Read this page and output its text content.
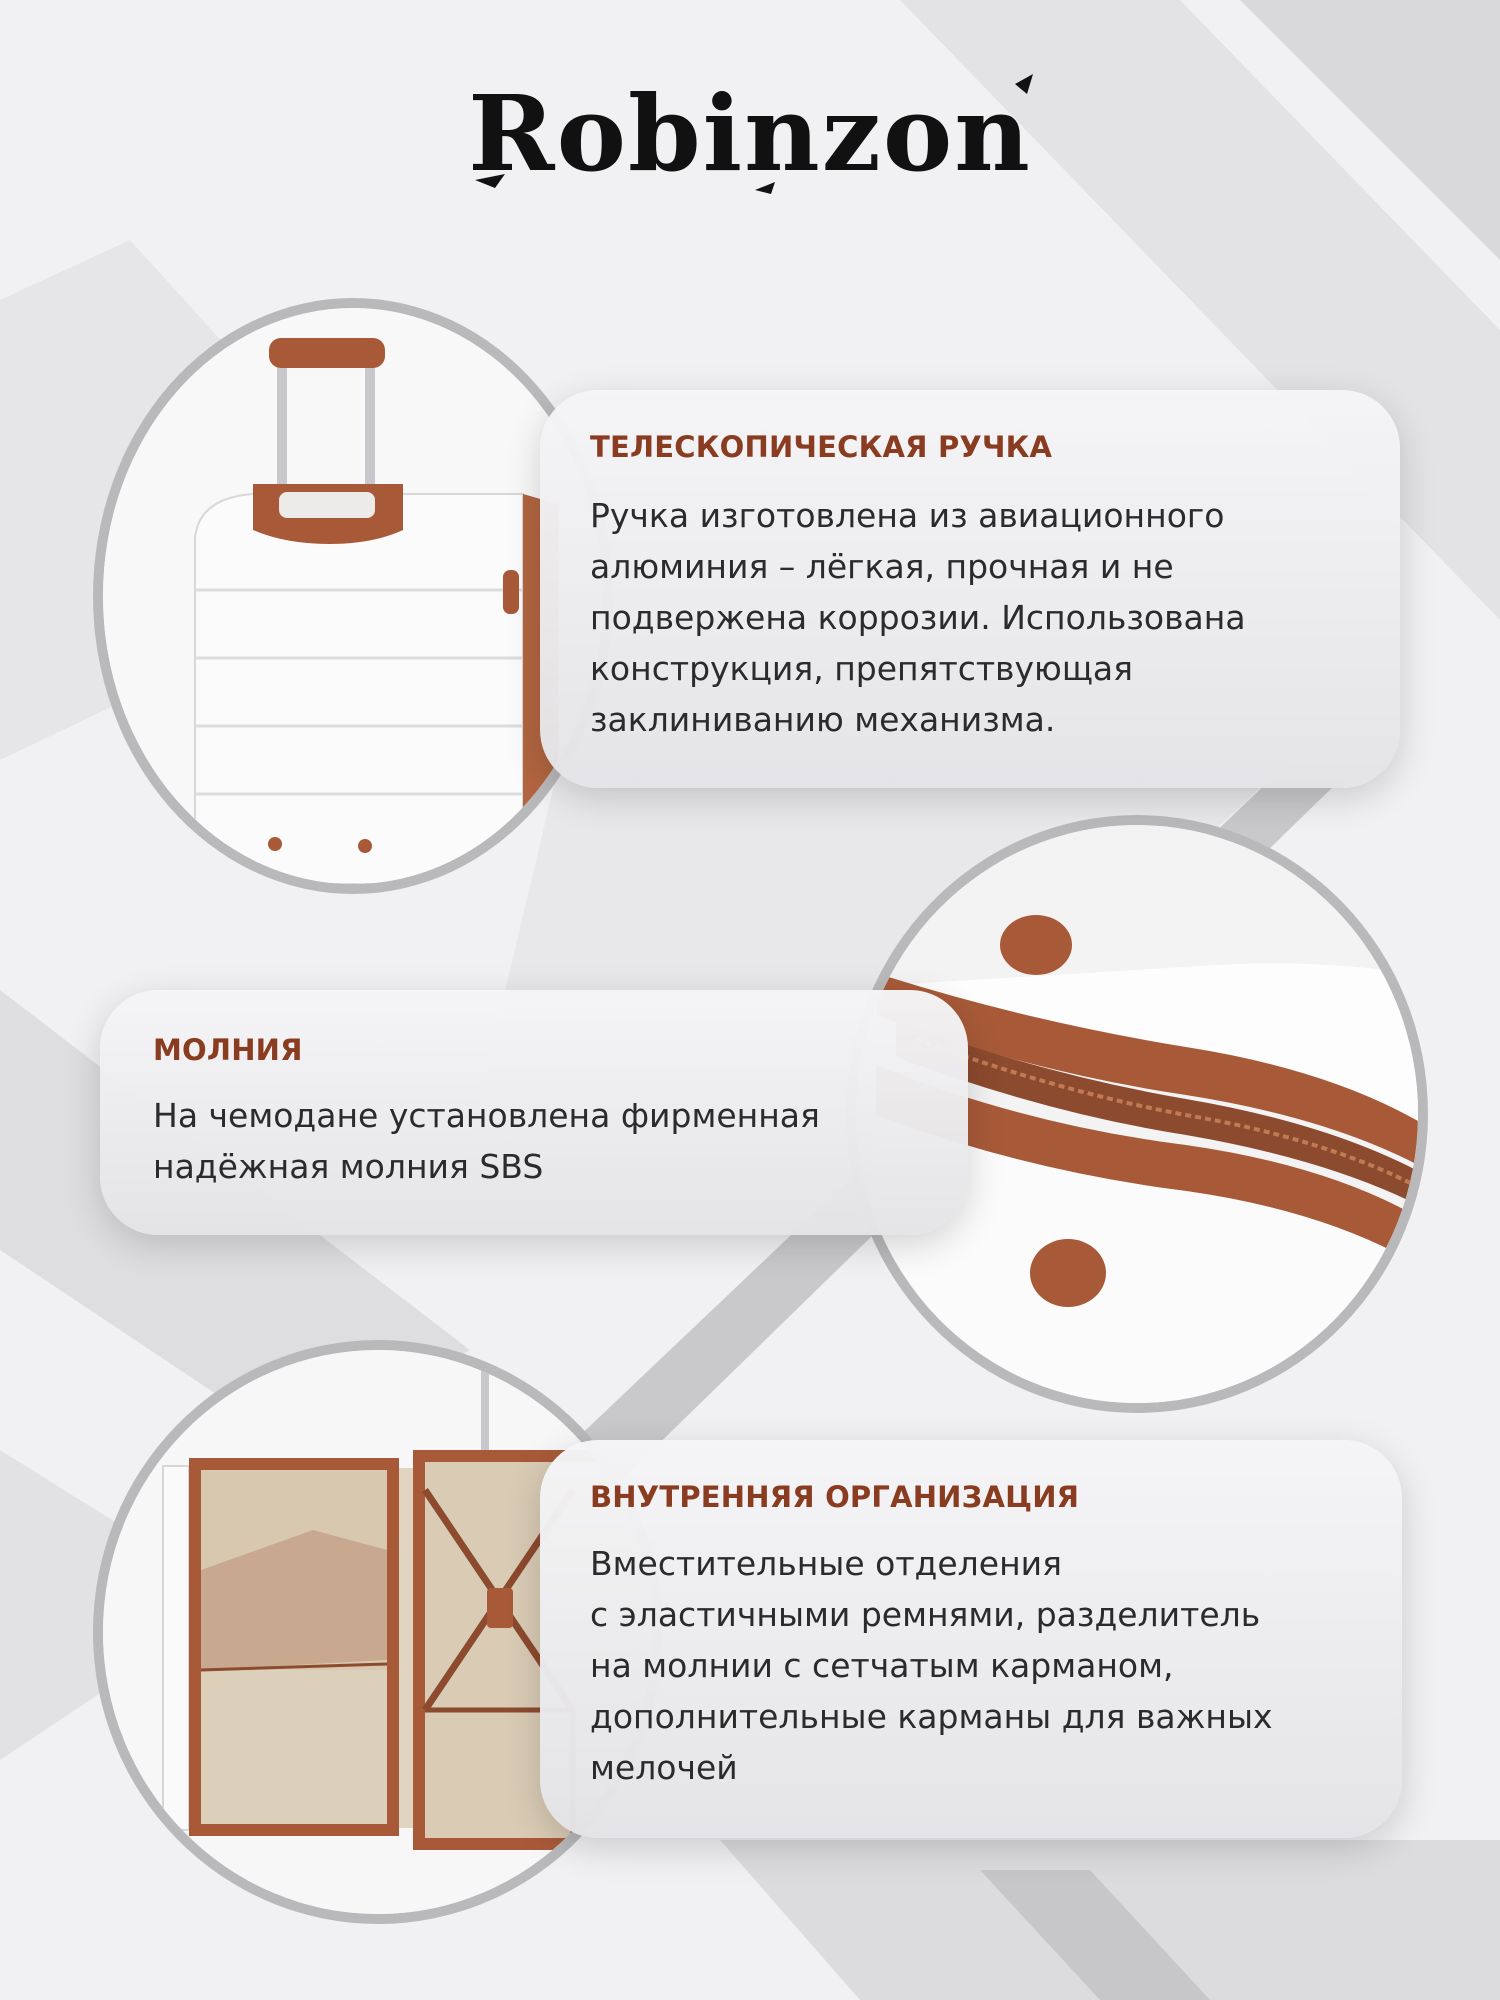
Robinzon
ТЕЛЕСКОПИЧЕСКАЯ РУЧКА
Ручка изготовлена из авиационного
алюминия – лёгкая, прочная и не
подвержена коррозии. Использована
конструкция, препятствующая
заклиниванию механизма.
МОЛНИЯ
На чемодане установлена фирменная
надёжная молния SBS
ВНУТРЕННЯЯ ОРГАНИЗАЦИЯ
Вместительные отделения
с эластичными ремнями, разделитель
на молнии с сетчатым карманом,
дополнительные карманы для важных
мелочей
